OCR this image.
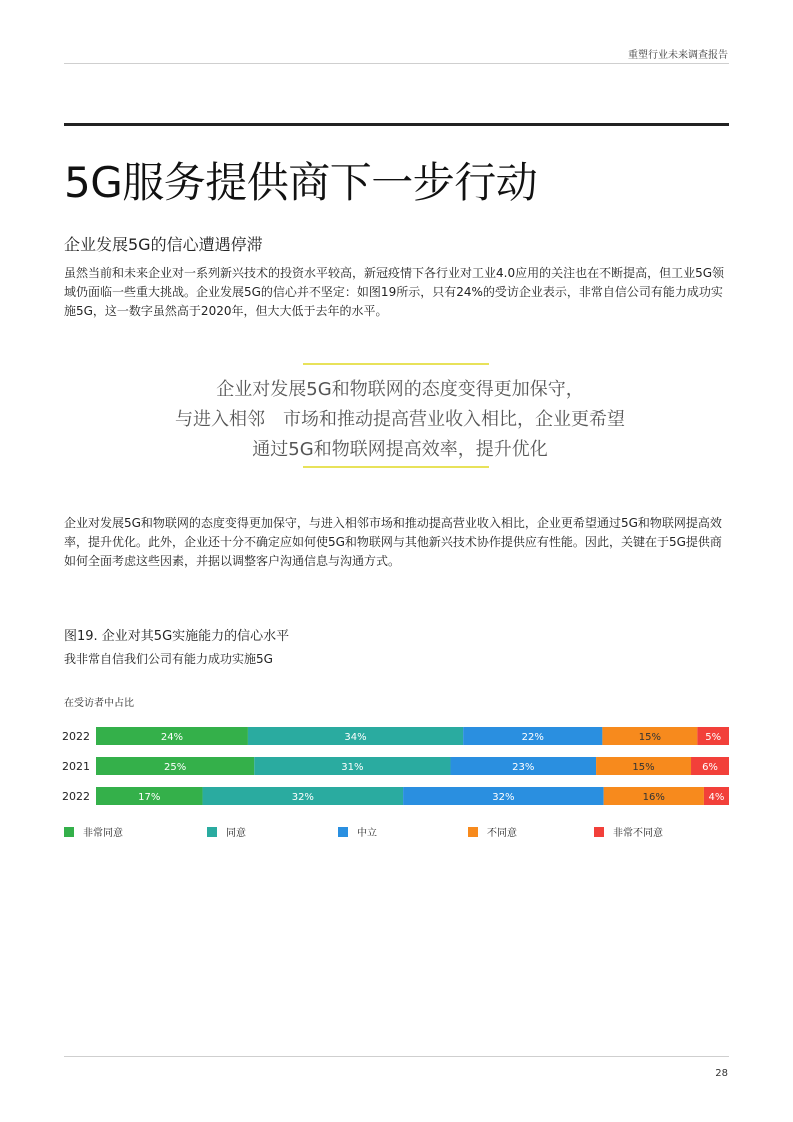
重塑行业未来调查报告
5G服务提供商下一步行动
企业发展5G的信心遭遇停滞

虽然当前和未来企业对一系列新兴技术的投资水平较高，新冠疫情下各行业对工业4.0应用的关注也在不断提高，但工业5G领域仍面临一些重大挑战。企业发展5G的信心并不坚定：如图19所示，只有24%的受访企业表示，非常自信公司有能力成功实施5G，这一数字虽然高于2020年，但大大低于去年的水平。

企业对发展5G和物联网的态度变得更加保守，
与进入相邻　市场和推动提高营业收入相比，企业更希望
通过5G和物联网提高效率，提升优化

企业对发展5G和物联网的态度变得更加保守，与进入相邻市场和推动提高营业收入相比，企业更希望通过5G和物联网提高效率，提升优化。此外，企业还十分不确定应如何使5G和物联网与其他新兴技术协作提供应有性能。因此，关键在于5G提供商如何全面考虑这些因素，并据以调整客户沟通信息与沟通方式。

图19. 企业对其5G实施能力的信心水平
我非常自信我们公司有能力成功实施5G
在受访者中占比
2022	24%	34%	22%	15%	5%
2021	25%	31%	23%	15%	6%
2022	17%	32%	32%	16%	4%
非常同意	同意	中立	不同意	非常不同意
28
